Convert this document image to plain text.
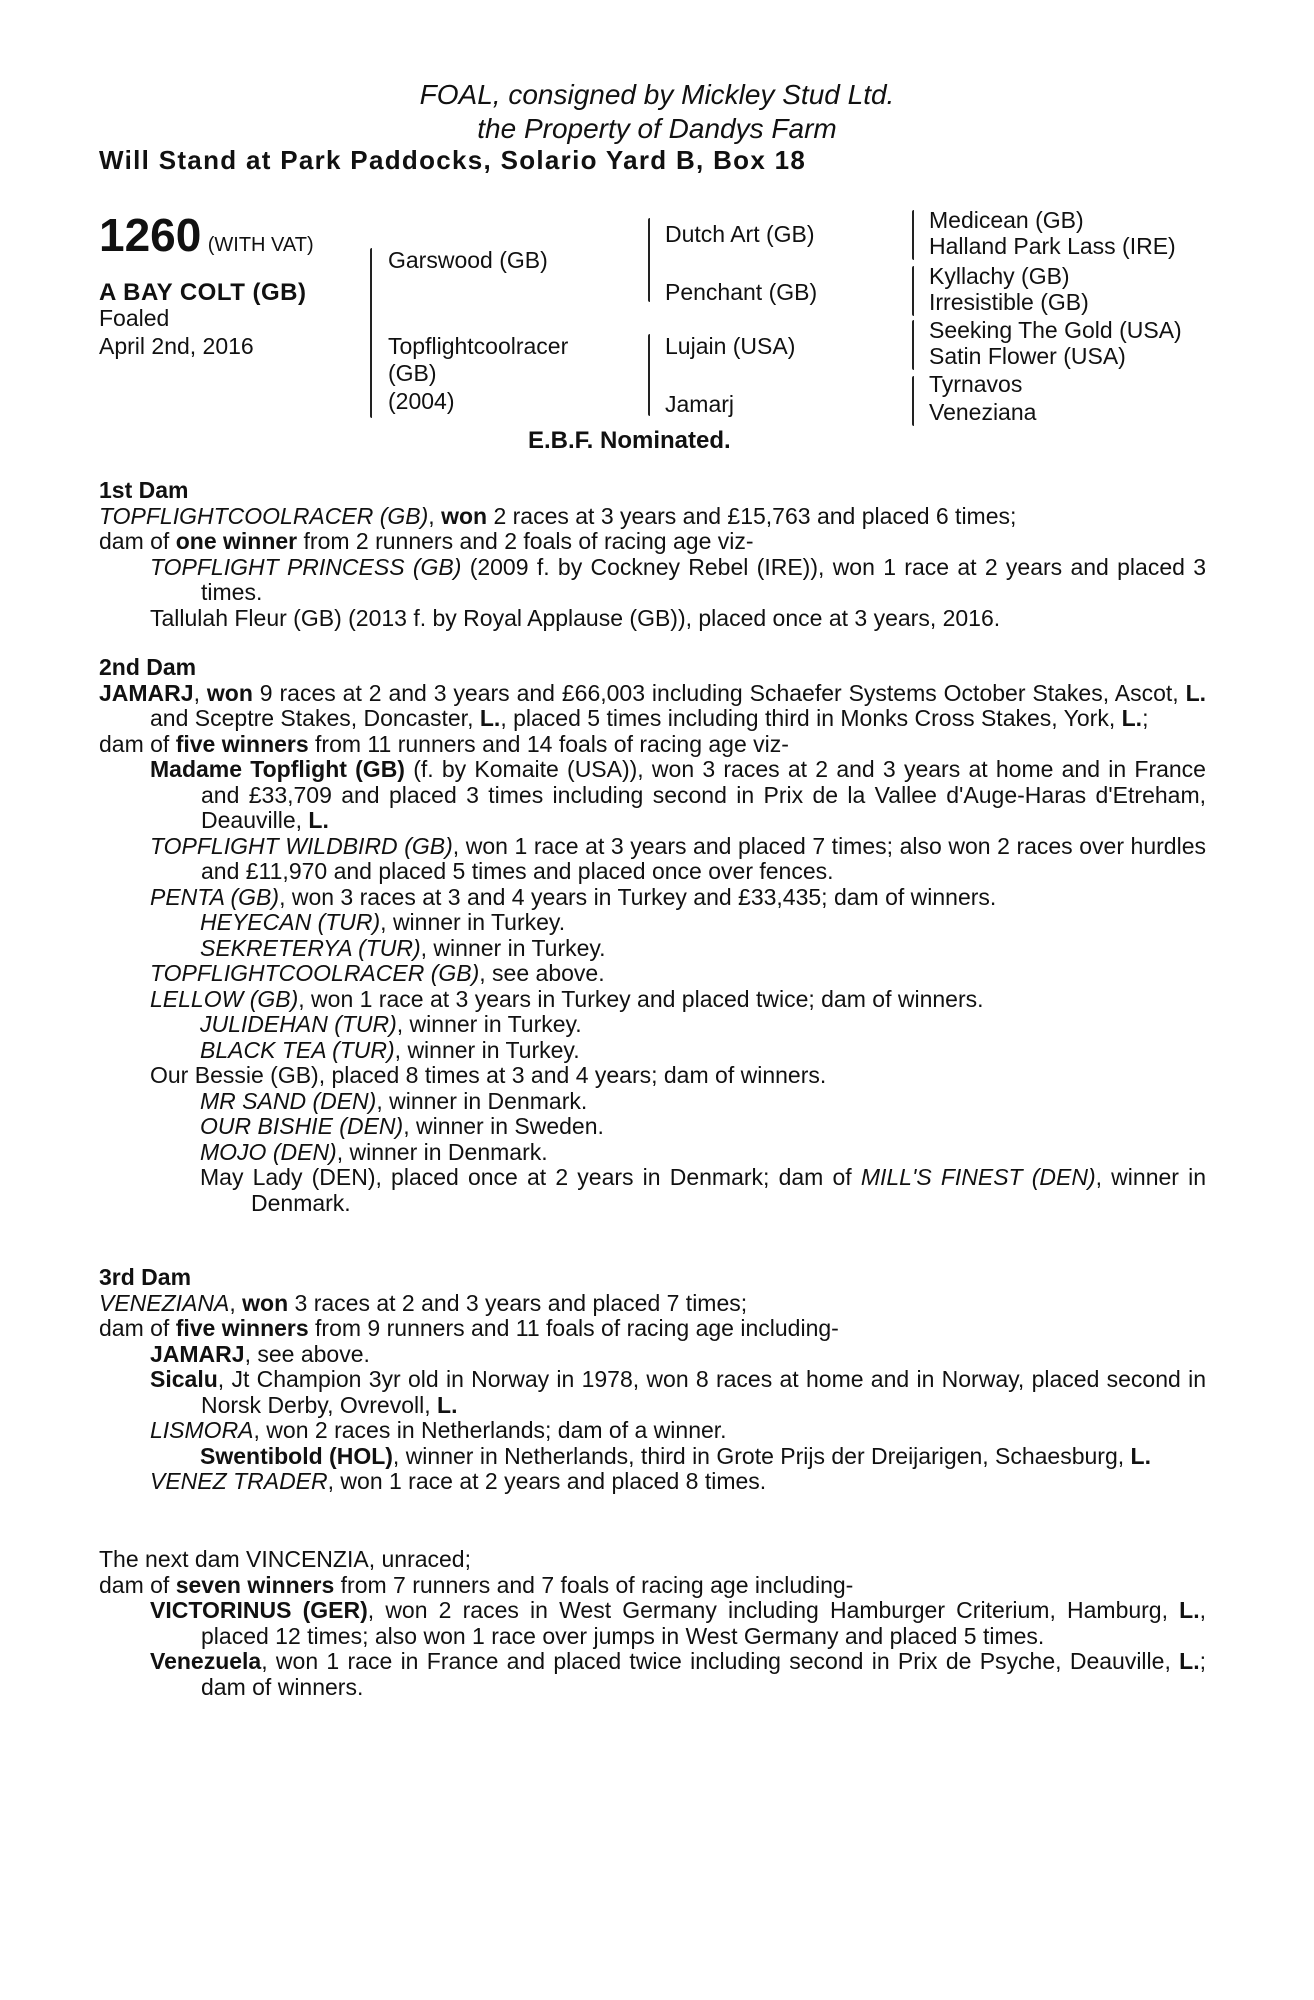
FOAL, consigned by Mickley Stud Ltd.
the Property of Dandys Farm
Will Stand at Park Paddocks, Solario Yard B, Box 18
1260 (WITH VAT)
A BAY COLT (GB)
Foaled
April 2nd, 2016
Garswood (GB)
Topflightcoolracer
(GB)
(2004)
Dutch Art (GB)
Penchant (GB)
Lujain (USA)
Jamarj
Medicean (GB)
Halland Park Lass (IRE)
Kyllachy (GB)
Irresistible (GB)
Seeking The Gold (USA)
Satin Flower (USA)
Tyrnavos
Veneziana
E.B.F. Nominated.

1st Dam

TOPFLIGHTCOOLRACER (GB), won 2 races at 3 years and £15,763 and placed 6 times;

dam of one winner from 2 runners and 2 foals of racing age viz-

TOPFLIGHT PRINCESS (GB) (2009 f. by Cockney Rebel (IRE)), won 1 race at 2 years and placed 3 times.

Tallulah Fleur (GB) (2013 f. by Royal Applause (GB)), placed once at 3 years, 2016.

2nd Dam

JAMARJ, won 9 races at 2 and 3 years and £66,003 including Schaefer Systems October Stakes, Ascot, L. and Sceptre Stakes, Doncaster, L., placed 5 times including third in Monks Cross Stakes, York, L.;

dam of five winners from 11 runners and 14 foals of racing age viz-

Madame Topflight (GB) (f. by Komaite (USA)), won 3 races at 2 and 3 years at home and in France and £33,709 and placed 3 times including second in Prix de la Vallee d'Auge-Haras d'Etreham, Deauville, L.

TOPFLIGHT WILDBIRD (GB), won 1 race at 3 years and placed 7 times; also won 2 races over hurdles and £11,970 and placed 5 times and placed once over fences.

PENTA (GB), won 3 races at 3 and 4 years in Turkey and £33,435; dam of winners.

HEYECAN (TUR), winner in Turkey.

SEKRETERYA (TUR), winner in Turkey.

TOPFLIGHTCOOLRACER (GB), see above.

LELLOW (GB), won 1 race at 3 years in Turkey and placed twice; dam of winners.

JULIDEHAN (TUR), winner in Turkey.

BLACK TEA (TUR), winner in Turkey.

Our Bessie (GB), placed 8 times at 3 and 4 years; dam of winners.

MR SAND (DEN), winner in Denmark.

OUR BISHIE (DEN), winner in Sweden.

MOJO (DEN), winner in Denmark.

May Lady (DEN), placed once at 2 years in Denmark; dam of MILL'S FINEST (DEN), winner in Denmark.

3rd Dam

VENEZIANA, won 3 races at 2 and 3 years and placed 7 times;

dam of five winners from 9 runners and 11 foals of racing age including-

JAMARJ, see above.

Sicalu, Jt Champion 3yr old in Norway in 1978, won 8 races at home and in Norway, placed second in Norsk Derby, Ovrevoll, L.

LISMORA, won 2 races in Netherlands; dam of a winner.

Swentibold (HOL), winner in Netherlands, third in Grote Prijs der Dreijarigen, Schaesburg, L.

VENEZ TRADER, won 1 race at 2 years and placed 8 times.

The next dam VINCENZIA, unraced;

dam of seven winners from 7 runners and 7 foals of racing age including-

VICTORINUS (GER), won 2 races in West Germany including Hamburger Criterium, Hamburg, L., placed 12 times; also won 1 race over jumps in West Germany and placed 5 times.

Venezuela, won 1 race in France and placed twice including second in Prix de Psyche, Deauville, L.; dam of winners.
